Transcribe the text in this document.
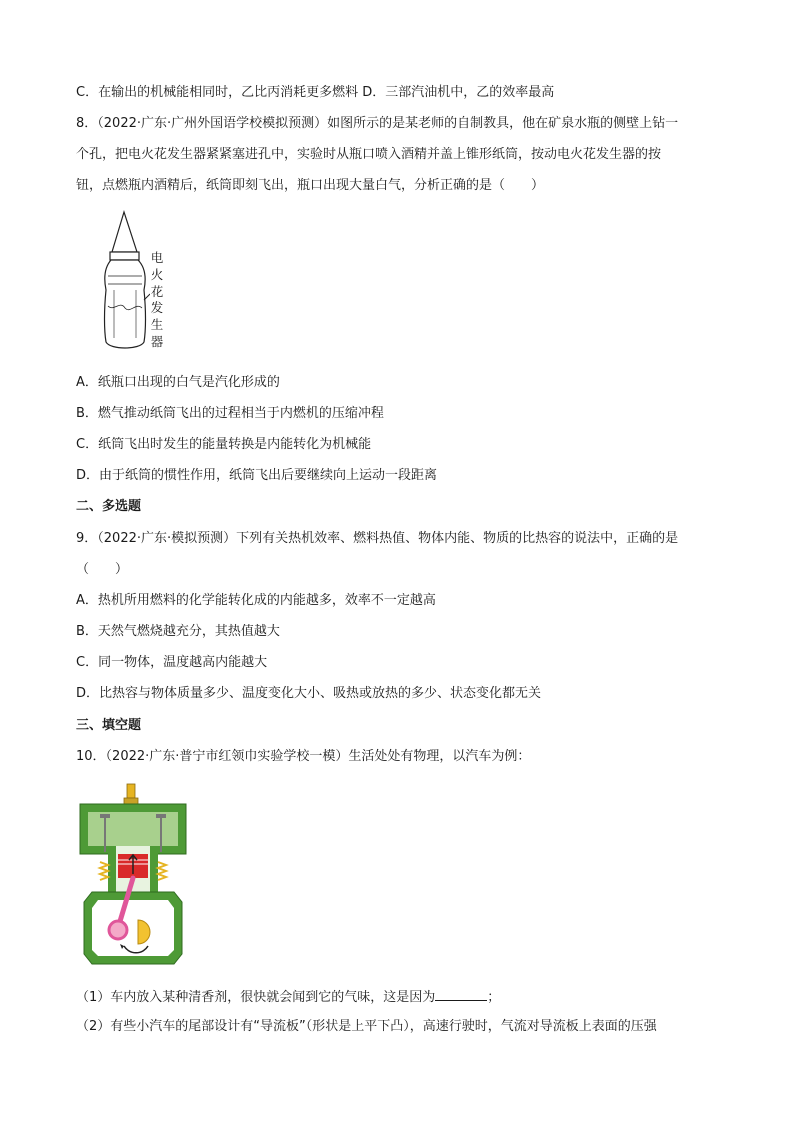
C．在输出的机械能相同时，乙比丙消耗更多燃料 D．三部汽油机中，乙的效率最高
8．（2022·广东·广州外国语学校模拟预测）如图所示的是某老师的自制教具，他在矿泉水瓶的侧壁上钻一
个孔，把电火花发生器紧紧塞进孔中，实验时从瓶口喷入酒精并盖上锥形纸筒，按动电火花发生器的按
钮，点燃瓶内酒精后，纸筒即刻飞出，瓶口出现大量白气，分析正确的是（　　）
电
火
花
发
生
器
A．纸瓶口出现的白气是汽化形成的
B．燃气推动纸筒飞出的过程相当于内燃机的压缩冲程
C．纸筒飞出时发生的能量转换是内能转化为机械能
D．由于纸筒的惯性作用，纸筒飞出后要继续向上运动一段距离
二、多选题
9．（2022·广东·模拟预测）下列有关热机效率、燃料热值、物体内能、物质的比热容的说法中，正确的是
（　　）
A．热机所用燃料的化学能转化成的内能越多，效率不一定越高
B．天然气燃烧越充分，其热值越大
C．同一物体，温度越高内能越大
D．比热容与物体质量多少、温度变化大小、吸热或放热的多少、状态变化都无关
三、填空题
10．（2022·广东·普宁市红领巾实验学校一模）生活处处有物理，以汽车为例：
（1）车内放入某种清香剂，很快就会闻到它的气味，这是因为	；
（2）有些小汽车的尾部设计有“导流板”（形状是上平下凸），高速行驶时，气流对导流板上表面的压强
